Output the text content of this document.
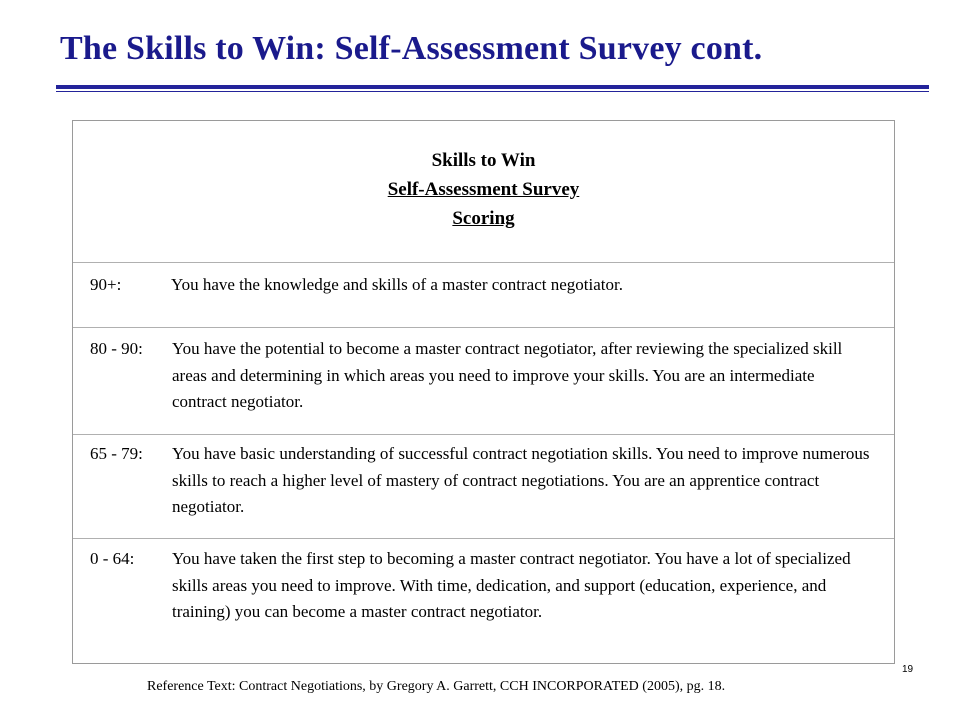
The Skills to Win: Self-Assessment Survey cont.
Skills to Win
Self-Assessment Survey
Scoring
90+:	You have the knowledge and skills of a master contract negotiator.
80 - 90: You have the potential to become a master contract negotiator, after reviewing the specialized skill areas and determining in which areas you need to improve your skills. You are an intermediate contract negotiator.
65 - 79: You have basic understanding of successful contract negotiation skills. You need to improve numerous skills to reach a higher level of mastery of contract negotiations. You are an apprentice contract negotiator.
0 - 64: You have taken the first step to becoming a master contract negotiator. You have a lot of specialized skills areas you need to improve. With time, dedication, and support (education, experience, and training) you can become a master contract negotiator.
19
Reference Text: Contract Negotiations, by Gregory A. Garrett, CCH INCORPORATED (2005), pg. 18.
